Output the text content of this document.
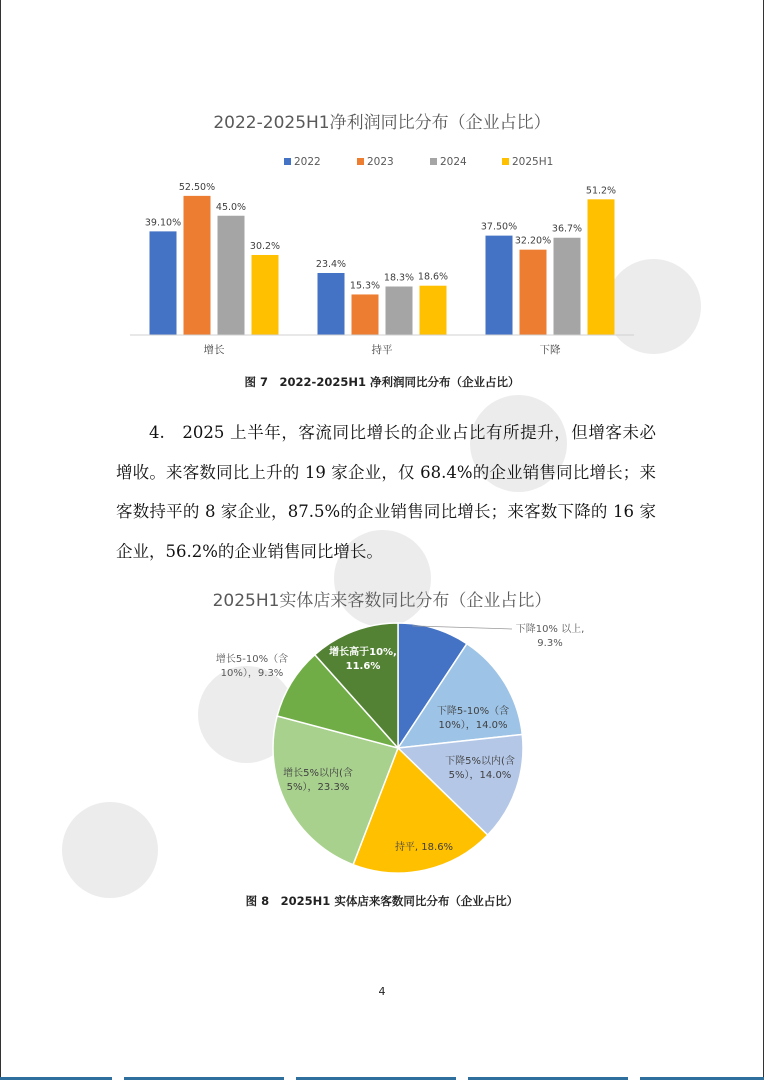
2022-2025H1净利润同比分布（企业占比）
2022	2023	2024	2025H1
39.10%
52.50%
45.0%
30.2%
23.4%
15.3%
18.3% 18.6%
37.50%
32.20%
36.7%
51.2%
增长	持平	下降
图 7　2022-2025H1 净利润同比分布（企业占比）

4.　2025 上半年，客流同比增长的企业占比有所提升，但增客未必增收。来客数同比上升的 19 家企业，仅 68.4%的企业销售同比增长；来客数持平的 8 家企业，87.5%的企业销售同比增长；来客数下降的 16 家企业，56.2%的企业销售同比增长。

2025H1实体店来客数同比分布（企业占比）
下降10% 以上,
9.3%
下降5-10%（含
10%），14.0%
下降5%以内(含
5%），14.0%
持平, 18.6%
增长5%以内(含
5%），23.3%
增长5-10%（含
10%），9.3%
增长高于10%,
11.6%
图 8　2025H1 实体店来客数同比分布（企业占比）
4
